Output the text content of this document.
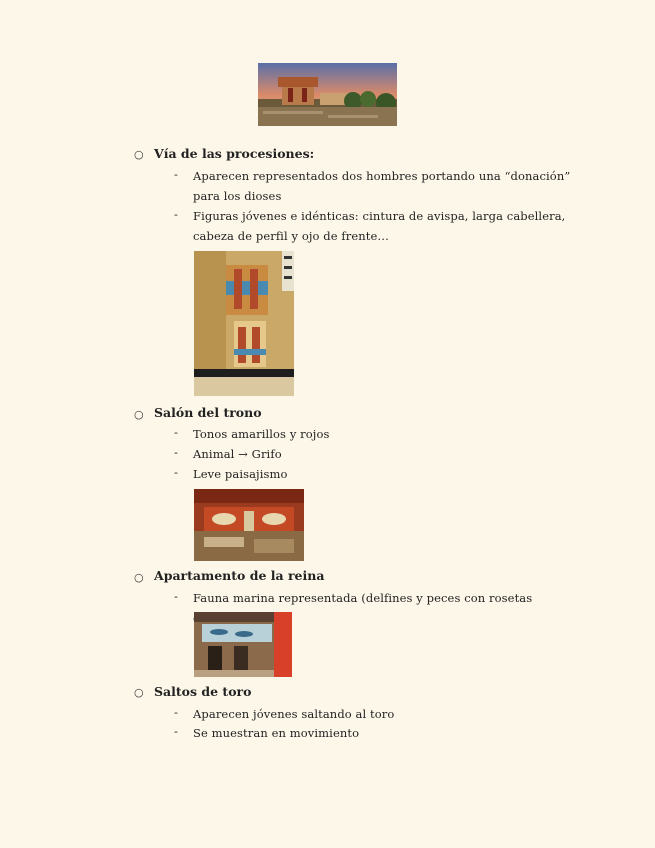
○ Vía de las procesiones:
- Aparecen representados dos hombres portando una “donación” para los dioses
- Figuras jóvenes e idénticas: cintura de avispa, larga cabellera, cabeza de perfil y ojo de frente…
○ Salón del trono
- Tonos amarillos y rojos
- Animal → Grifo
- Leve paisajismo
○ Apartamento de la reina
- Fauna marina representada (delfines y peces con rosetas
○ Saltos de toro
- Aparecen jóvenes saltando al toro
- Se muestran en movimiento
